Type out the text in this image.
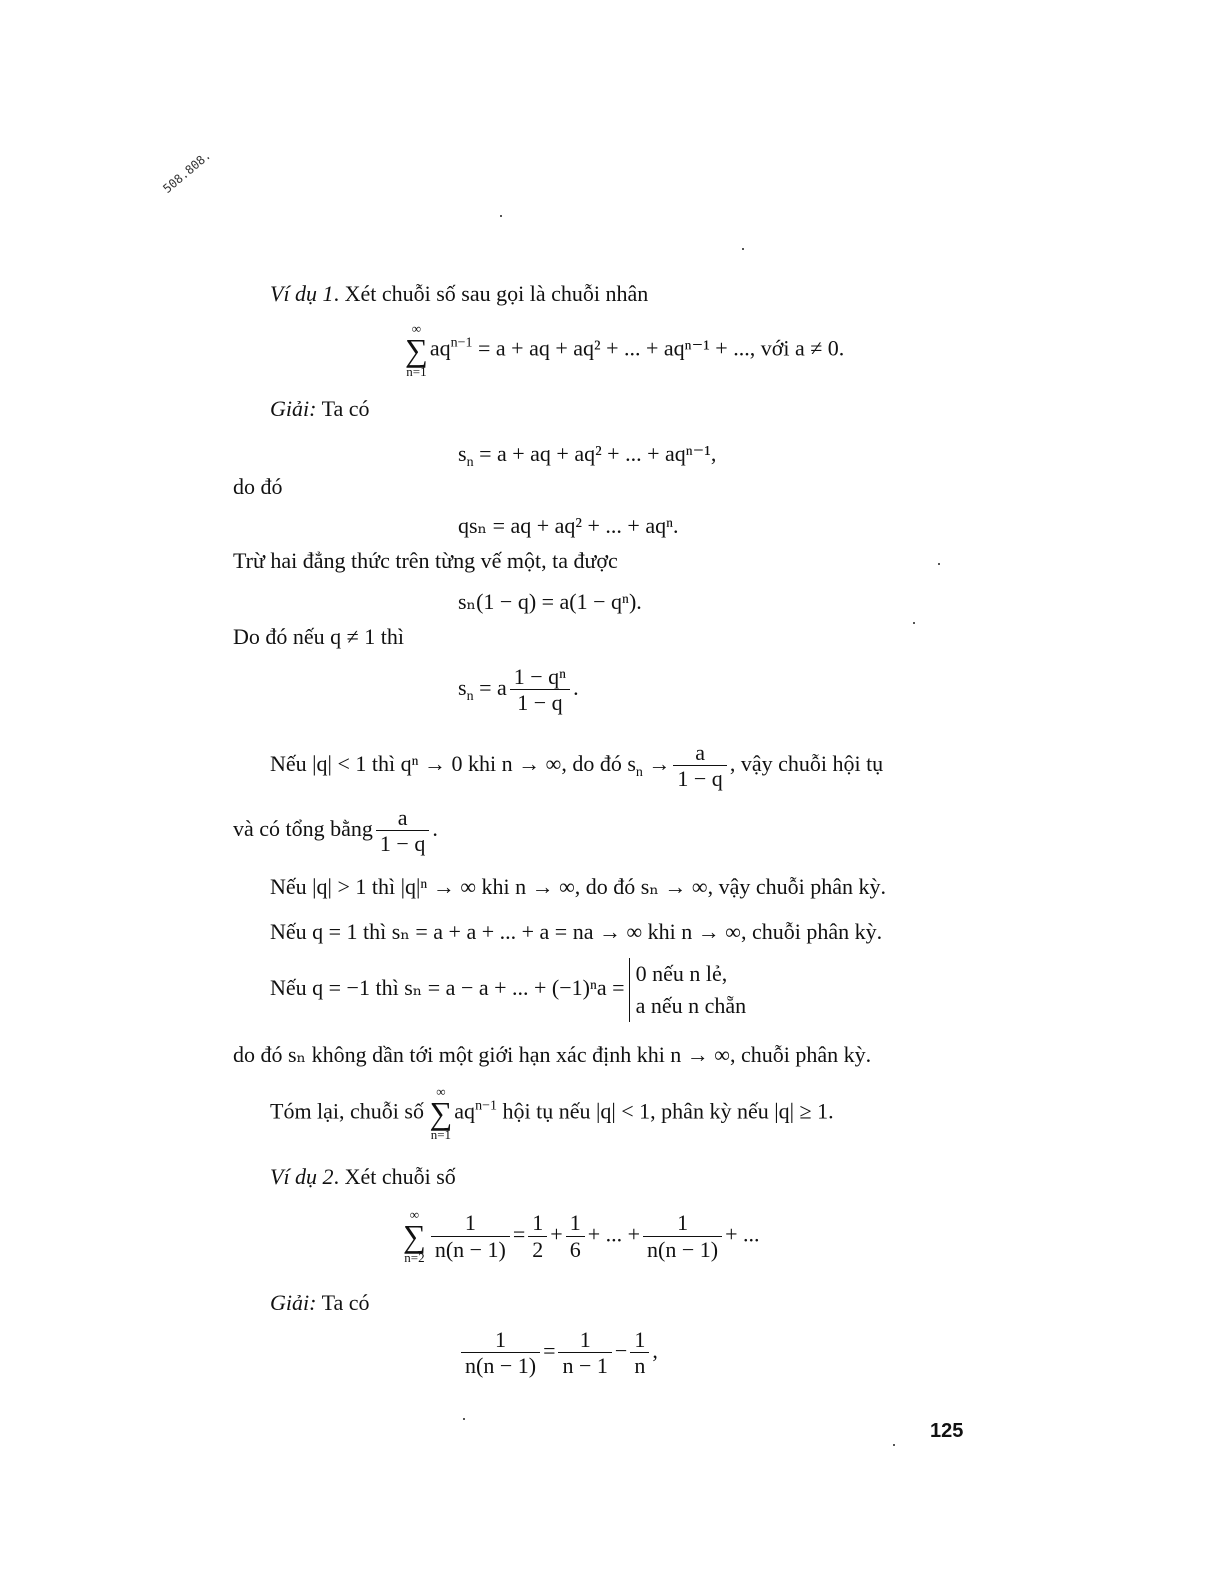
508.808.
Ví dụ 1. Xét chuỗi số sau gọi là chuỗi nhân
∞
∑
n=1
$aq^{n-1} = a$ + aq + aq² + ... + aqⁿ⁻¹ + ..., với a ≠ 0.
Giải: Ta có
$s_n = a$ + aq + aq² + ... + aqⁿ⁻¹,
do đó
qsₙ = aq + aq² + ... + aqⁿ.
Trừ hai đẳng thức trên từng vế một, ta được
sₙ(1 − q) = a(1 − qⁿ).
Do đó nếu q ≠ 1 thì
$s_n = a \frac{\text{1 − qⁿ}}{1 - q}$ .
Nếu |q| < 1 thì qⁿ → 0 khi n → ∞, do đó $s_n \to \frac{a}{1 - q}$ , vậy chuỗi hội tụ
và có tổng bằng $\frac{a}{1 - q}$ .
Nếu |q| > 1 thì |q|ⁿ → ∞ khi n → ∞, do đó sₙ → ∞, vậy chuỗi phân kỳ.
Nếu q = 1 thì sₙ = a + a + ... + a = na → ∞ khi n → ∞, chuỗi phân kỳ.
Nếu q = −1 thì sₙ = a − a + ... + (−1)ⁿa =
0 nếu n lẻ,
a nếu n chẵn
do đó sₙ không dần tới một giới hạn xác định khi n → ∞, chuỗi phân kỳ.
Tóm lại, chuỗi số
∞
∑
n=1
$aq^{n-1}$ hội tụ nếu |q| < 1, phân kỳ nếu |q| ≥ 1.
Ví dụ 2. Xét chuỗi số
∞
∑
$n=2 \frac{1}{n(n - 1)} = \frac{1}{2} + \frac{1}{6}$ + ... + $\frac{1}{n(n - 1)}$ + ...
Giải: Ta có
$\frac{1}{n(n - 1)} = \frac{1}{n - 1} - \frac{1}{n}$ ,
125
